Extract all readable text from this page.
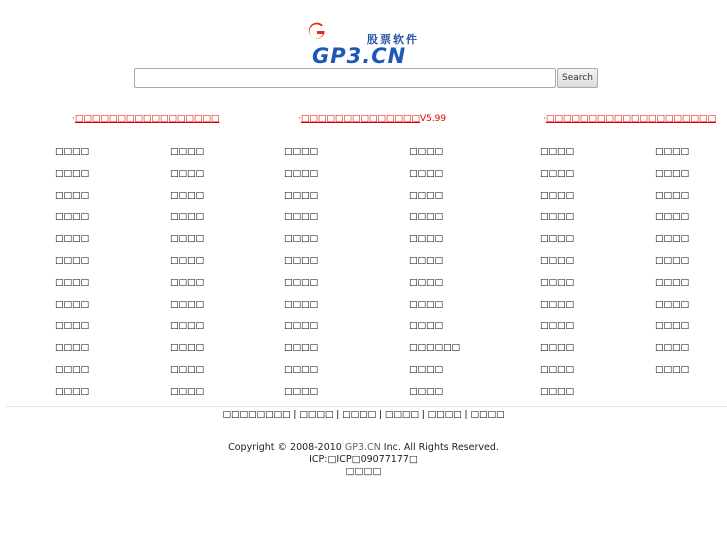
股票软件
GP3.CN
Search
·□□□□□□□□□□□□□□□□□	·□□□□□□□□□□□□□□V5.99	·□□□□□□□□□□□□□□□□□□□□
□□□□	□□□□	□□□□	□□□□	□□□□	□□□□
□□□□	□□□□	□□□□	□□□□	□□□□	□□□□
□□□□	□□□□	□□□□	□□□□	□□□□	□□□□
□□□□	□□□□	□□□□	□□□□	□□□□	□□□□
□□□□	□□□□	□□□□	□□□□	□□□□	□□□□
□□□□	□□□□	□□□□	□□□□	□□□□	□□□□
□□□□	□□□□	□□□□	□□□□	□□□□	□□□□
□□□□	□□□□	□□□□	□□□□	□□□□	□□□□
□□□□	□□□□	□□□□	□□□□	□□□□	□□□□
□□□□	□□□□	□□□□	□□□□□□	□□□□	□□□□
□□□□	□□□□	□□□□	□□□□	□□□□	□□□□
□□□□	□□□□	□□□□	□□□□	□□□□
□□□□□□□□ | □□□□ | □□□□ | □□□□ | □□□□ | □□□□
Copyright © 2008-2010 GP3.CN Inc. All Rights Reserved.
ICP:□ICP□09077177□
□□□□
